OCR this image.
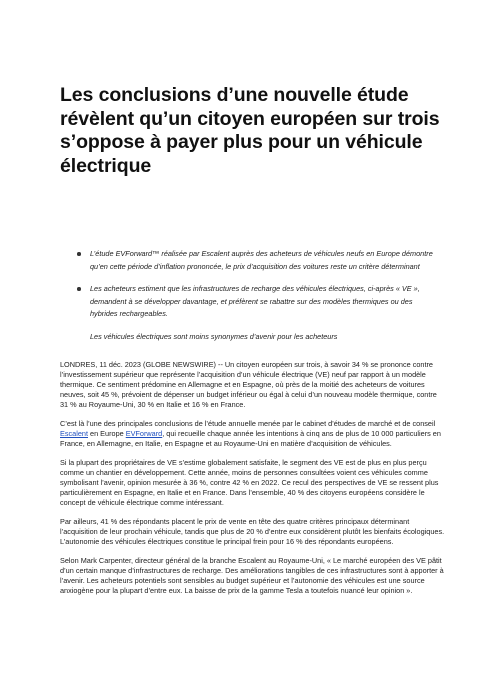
Les conclusions d’une nouvelle étude révèlent qu’un citoyen européen sur trois s’oppose à payer plus pour un véhicule électrique
L’étude EVForward™ réalisée par Escalent auprès des acheteurs de véhicules neufs en Europe démontre qu’en cette période d’inflation prononcée, le prix d’acquisition des voitures reste un critère déterminant
Les acheteurs estiment que les infrastructures de recharge des véhicules électriques, ci-après « VE », demandent à se développer davantage, et préfèrent se rabattre sur des modèles thermiques ou des hybrides rechargeables.
Les véhicules électriques sont moins synonymes d’avenir pour les acheteurs

LONDRES, 11 déc. 2023 (GLOBE NEWSWIRE) -- Un citoyen européen sur trois, à savoir 34 % se prononce contre l’investissement supérieur que représente l’acquisition d’un véhicule électrique (VE) neuf par rapport à un modèle thermique. Ce sentiment prédomine en Allemagne et en Espagne, où près de la moitié des acheteurs de voitures neuves, soit 45 %, prévoient de dépenser un budget inférieur ou égal à celui d’un nouveau modèle thermique, contre 31 % au Royaume-Uni, 30 % en Italie et 16 % en France.

C’est là l’une des principales conclusions de l’étude annuelle menée par le cabinet d’études de marché et de conseil Escalent en Europe EVForward, qui recueille chaque année les intentions à cinq ans de plus de 10 000 particuliers en France, en Allemagne, en Italie, en Espagne et au Royaume-Uni en matière d’acquisition de véhicules.

Si la plupart des propriétaires de VE s’estime globalement satisfaite, le segment des VE est de plus en plus perçu comme un chantier en développement. Cette année, moins de personnes consultées voient ces véhicules comme symbolisant l’avenir, opinion mesurée à 36 %, contre 42 % en 2022. Ce recul des perspectives de VE se ressent plus particulièrement en Espagne, en Italie et en France. Dans l’ensemble, 40 % des citoyens européens considère le concept de véhicule électrique comme intéressant.

Par ailleurs, 41 % des répondants placent le prix de vente en tête des quatre critères principaux déterminant l’acquisition de leur prochain véhicule, tandis que plus de 20 % d’entre eux considèrent plutôt les bienfaits écologiques. L’autonomie des véhicules électriques constitue le principal frein pour 16 % des répondants européens.

Selon Mark Carpenter, directeur général de la branche Escalent au Royaume-Uni, « Le marché européen des VE pâtit d’un certain manque d’infrastructures de recharge. Des améliorations tangibles de ces infrastructures sont à apporter à l’avenir. Les acheteurs potentiels sont sensibles au budget supérieur et l’autonomie des véhicules est une source anxiogène pour la plupart d’entre eux. La baisse de prix de la gamme Tesla a toutefois nuancé leur opinion ».
